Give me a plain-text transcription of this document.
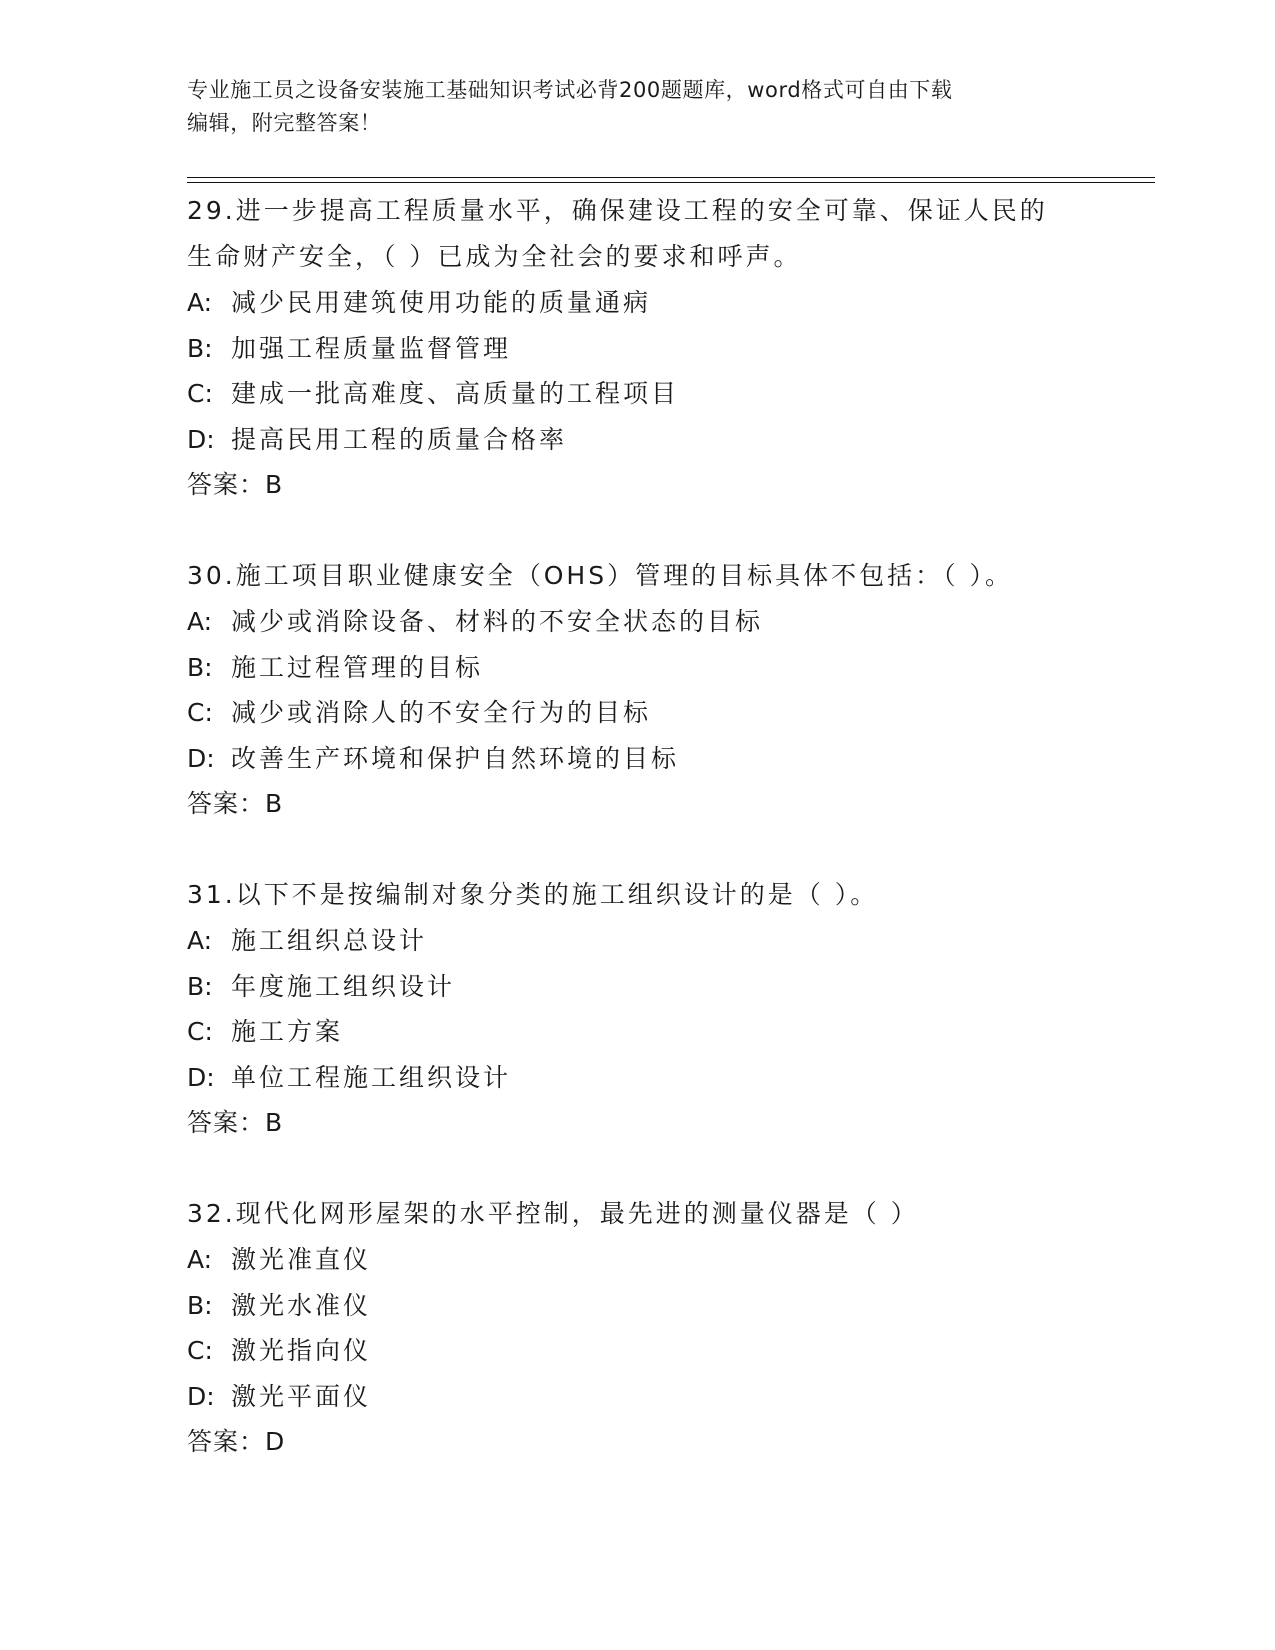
专业施工员之设备安装施工基础知识考试必背200题题库，word格式可自由下载
编辑，附完整答案！

29.进一步提高工程质量水平，确保建设工程的安全可靠、保证人民的

生命财产安全，（ ）已成为全社会的要求和呼声。

A: 减少民用建筑使用功能的质量通病

B: 加强工程质量监督管理

C: 建成一批高难度、高质量的工程项目

D: 提高民用工程的质量合格率

答案：B

30.施工项目职业健康安全（OHS）管理的目标具体不包括：（ ）。

A: 减少或消除设备、材料的不安全状态的目标

B: 施工过程管理的目标

C: 减少或消除人的不安全行为的目标

D: 改善生产环境和保护自然环境的目标

答案：B

31.以下不是按编制对象分类的施工组织设计的是（ ）。

A: 施工组织总设计

B: 年度施工组织设计

C: 施工方案

D: 单位工程施工组织设计

答案：B

32.现代化网形屋架的水平控制，最先进的测量仪器是（ ）

A: 激光准直仪

B: 激光水准仪

C: 激光指向仪

D: 激光平面仪

答案：D
